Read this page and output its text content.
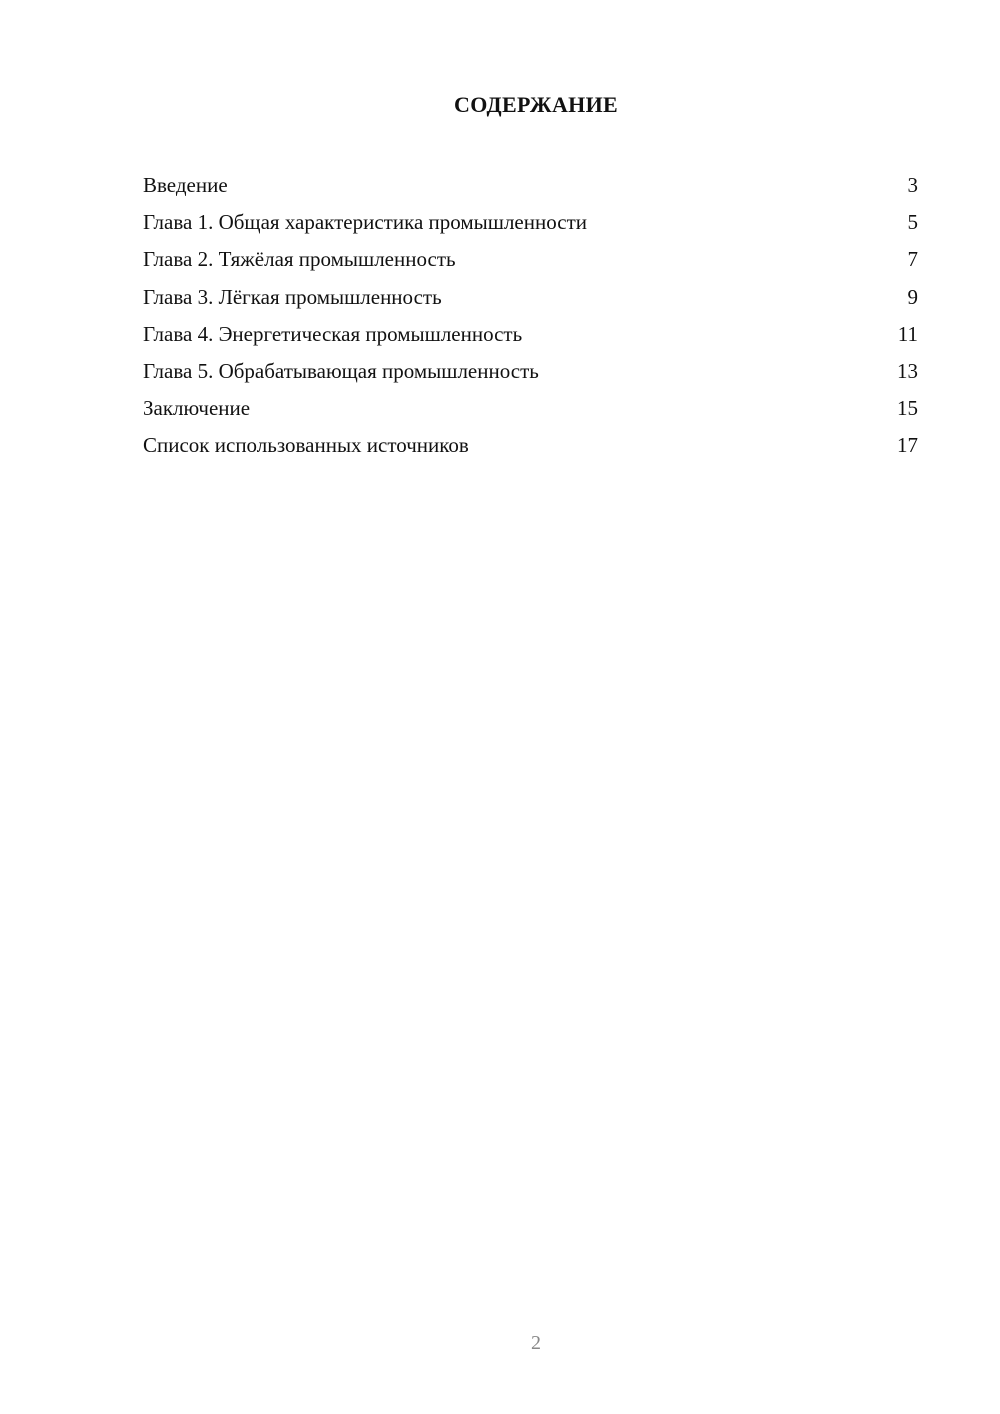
СОДЕРЖАНИЕ
Введение	3
Глава 1. Общая характеристика промышленности	5
Глава 2. Тяжёлая промышленность	7
Глава 3. Лёгкая промышленность	9
Глава 4. Энергетическая промышленность	11
Глава 5. Обрабатывающая промышленность	13
Заключение	15
Список использованных источников	17
2
